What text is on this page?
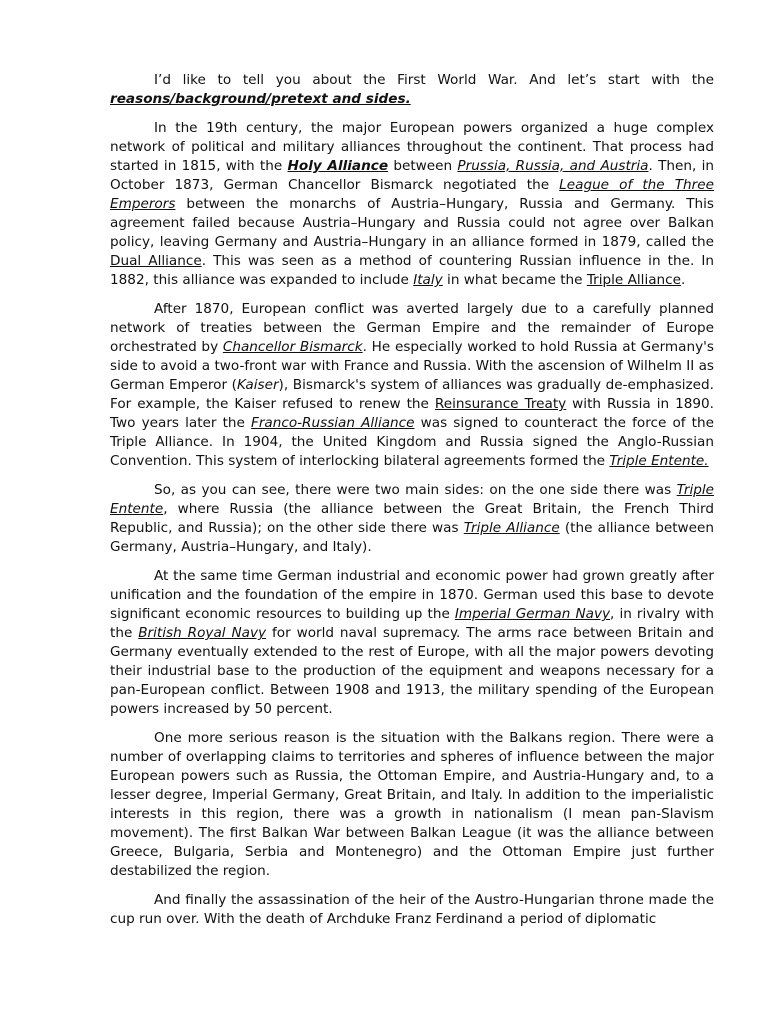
I’d like to tell you about the First World War. And let’s start with the reasons/background/pretext and sides.

In the 19th century, the major European powers organized a huge complex network of political and military alliances throughout the continent. That process had started in 1815, with the Holy Alliance between Prussia, Russia, and Austria. Then, in October 1873, German Chancellor Bismarck negotiated the League of the Three Emperors between the monarchs of Austria–Hungary, Russia and Germany. This agreement failed because Austria–Hungary and Russia could not agree over Balkan policy, leaving Germany and Austria–Hungary in an alliance formed in 1879, called the Dual Alliance. This was seen as a method of countering Russian influence in the. In 1882, this alliance was expanded to include Italy in what became the Triple Alliance.

After 1870, European conflict was averted largely due to a carefully planned network of treaties between the German Empire and the remainder of Europe orchestrated by Chancellor Bismarck. He especially worked to hold Russia at Germany's side to avoid a two-front war with France and Russia. With the ascension of Wilhelm II as German Emperor (Kaiser), Bismarck's system of alliances was gradually de-emphasized. For example, the Kaiser refused to renew the Reinsurance Treaty with Russia in 1890. Two years later the Franco-Russian Alliance was signed to counteract the force of the Triple Alliance. In 1904, the United Kingdom and Russia signed the Anglo-Russian Convention. This system of interlocking bilateral agreements formed the Triple Entente.

So, as you can see, there were two main sides: on the one side there was Triple Entente, where Russia (the alliance between the Great Britain, the French Third Republic, and Russia); on the other side there was Triple Alliance (the alliance between Germany, Austria–Hungary, and Italy).

At the same time German industrial and economic power had grown greatly after unification and the foundation of the empire in 1870. German used this base to devote significant economic resources to building up the Imperial German Navy, in rivalry with the British Royal Navy for world naval supremacy. The arms race between Britain and Germany eventually extended to the rest of Europe, with all the major powers devoting their industrial base to the production of the equipment and weapons necessary for a pan-European conflict. Between 1908 and 1913, the military spending of the European powers increased by 50 percent.

One more serious reason is the situation with the Balkans region. There were a number of overlapping claims to territories and spheres of influence between the major European powers such as Russia, the Ottoman Empire, and Austria-Hungary and, to a lesser degree, Imperial Germany, Great Britain, and Italy. In addition to the imperialistic interests in this region, there was a growth in nationalism (I mean pan-Slavism movement). The first Balkan War between Balkan League (it was the alliance between Greece, Bulgaria, Serbia and Montenegro) and the Ottoman Empire just further destabilized the region.

And finally the assassination of the heir of the Austro-Hungarian throne made the cup run over. With the death of Archduke Franz Ferdinand a period of diplomatic
